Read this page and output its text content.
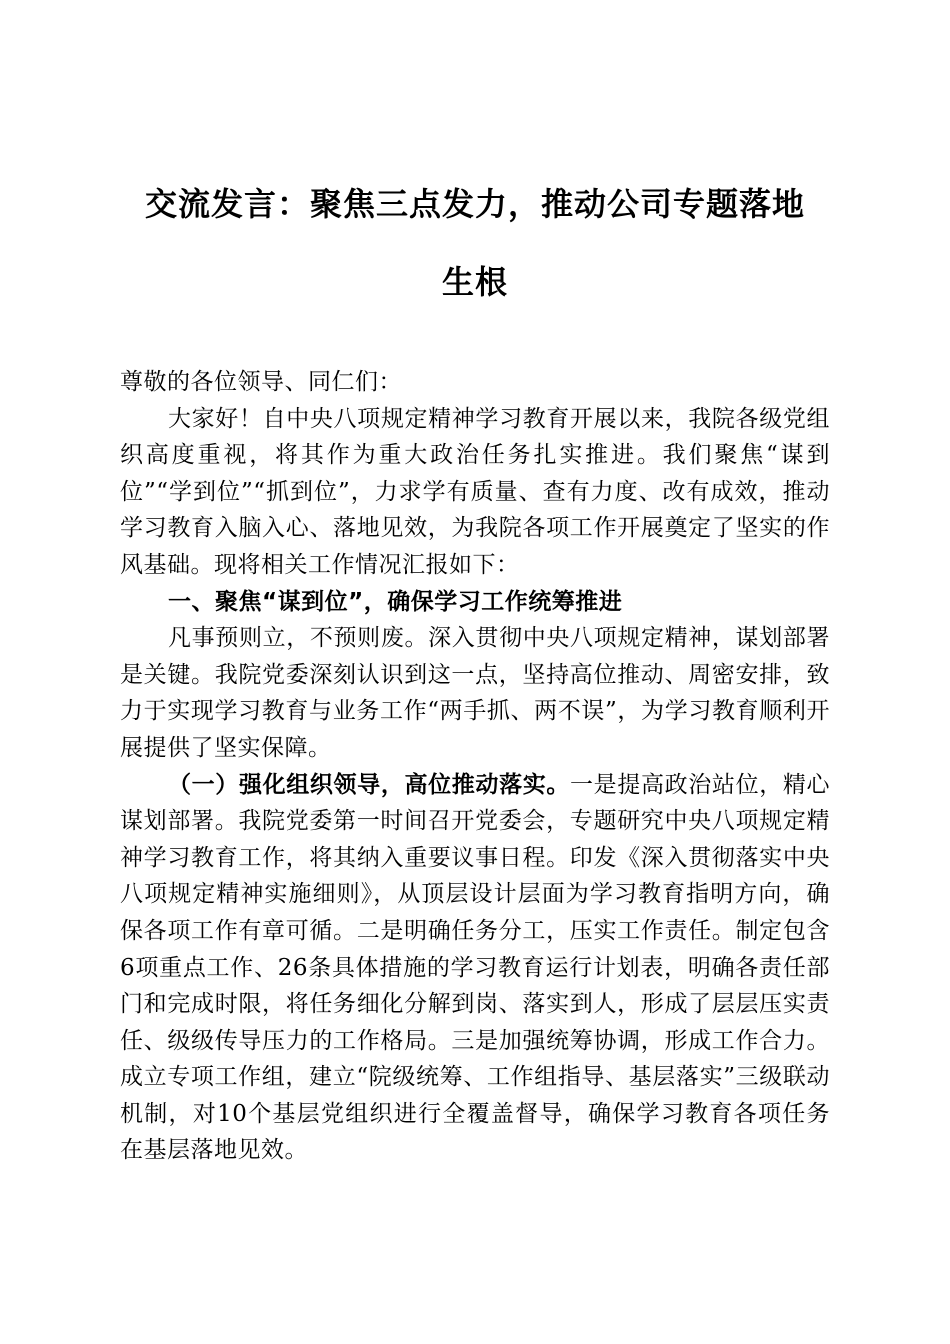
交流发言：聚焦三点发力，推动公司专题落地
生根

尊敬的各位领导、同仁们：

大家好！自中央八项规定精神学习教育开展以来，我院各级党组织高度重视，将其作为重大政治任务扎实推进。我们聚焦“谋到位”“学到位”“抓到位”，力求学有质量、查有力度、改有成效，推动学习教育入脑入心、落地见效，为我院各项工作开展奠定了坚实的作风基础。现将相关工作情况汇报如下：

一、聚焦“谋到位”，确保学习工作统筹推进

凡事预则立，不预则废。深入贯彻中央八项规定精神，谋划部署是关键。我院党委深刻认识到这一点，坚持高位推动、周密安排，致力于实现学习教育与业务工作“两手抓、两不误”，为学习教育顺利开展提供了坚实保障。

（一）强化组织领导，高位推动落实。一是提高政治站位，精心谋划部署。我院党委第一时间召开党委会，专题研究中央八项规定精神学习教育工作，将其纳入重要议事日程。印发《深入贯彻落实中央八项规定精神实施细则》，从顶层设计层面为学习教育指明方向，确保各项工作有章可循。二是明确任务分工，压实工作责任。制定包含6项重点工作、26条具体措施的学习教育运行计划表，明确各责任部门和完成时限，将任务细化分解到岗、落实到人，形成了层层压实责任、级级传导压力的工作格局。三是加强统筹协调，形成工作合力。成立专项工作组，建立“院级统筹、工作组指导、基层落实”三级联动机制，对10个基层党组织进行全覆盖督导，确保学习教育各项任务在基层落地见效。
